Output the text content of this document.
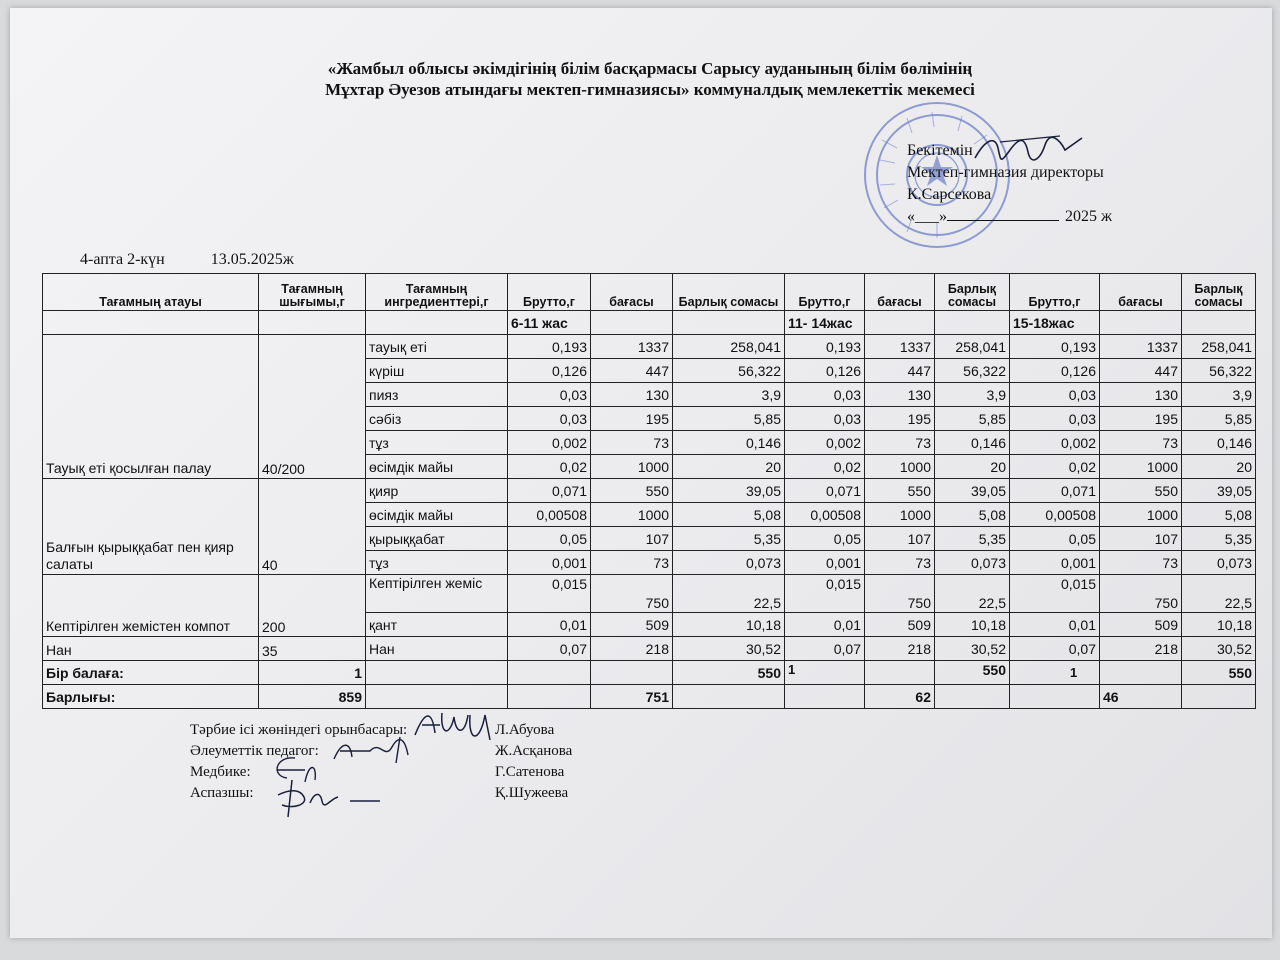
«Жамбыл облысы әкімдігінің білім басқармасы Сарысу ауданының білім бөлімінің
Мұхтар Әуезов атындағы мектеп-гимназиясы» коммуналдық мемлекеттік мекемесі
Бекітемін
Мектеп-гимназия директоры
К.Сарсекова
«___»	2025 ж
4-апта 2-күн	13.05.2025ж
Тағамның атауы	Тағамның шығымы,г	Тағамның ингредиенттері,г	Брутто,г	бағасы	Барлық сомасы	Брутто,г	бағасы	Барлық сомасы	Брутто,г	бағасы	Барлық сомасы
			6-11 жас			11- 14жас			15-18жас		
Тауық еті қосылған палау	40/200	тауық еті	0,193	1337	258,041	0,193	1337	258,041	0,193	1337	258,041
		күріш	0,126	447	56,322	0,126	447	56,322	0,126	447	56,322
		пияз	0,03	130	3,9	0,03	130	3,9	0,03	130	3,9
		сәбіз	0,03	195	5,85	0,03	195	5,85	0,03	195	5,85
		тұз	0,002	73	0,146	0,002	73	0,146	0,002	73	0,146
		өсімдік майы	0,02	1000	20	0,02	1000	20	0,02	1000	20
Балғын қырыққабат пен қияр салаты	40	қияр	0,071	550	39,05	0,071	550	39,05	0,071	550	39,05
		өсімдік майы	0,00508	1000	5,08	0,00508	1000	5,08	0,00508	1000	5,08
		қырыққабат	0,05	107	5,35	0,05	107	5,35	0,05	107	5,35
		тұз	0,001	73	0,073	0,001	73	0,073	0,001	73	0,073
Кептірілген жемістен компот	200	Кептірілген жеміс	0,015	750	22,5	0,015	750	22,5	0,015	750	22,5
		қант	0,01	509	10,18	0,01	509	10,18	0,01	509	10,18
Нан	35	Нан	0,07	218	30,52	0,07	218	30,52	0,07	218	30,52
Бір балаға:	1				550	1		550	1		550
Барлығы:	859			751			62			46	
Тәрбие ісі жөніндегі орынбасары:	Л.Абуова
Әлеуметтік педагог:	Ж.Асқанова
Медбике:	Г.Сатенова
Аспазшы:	Қ.Шужеева
